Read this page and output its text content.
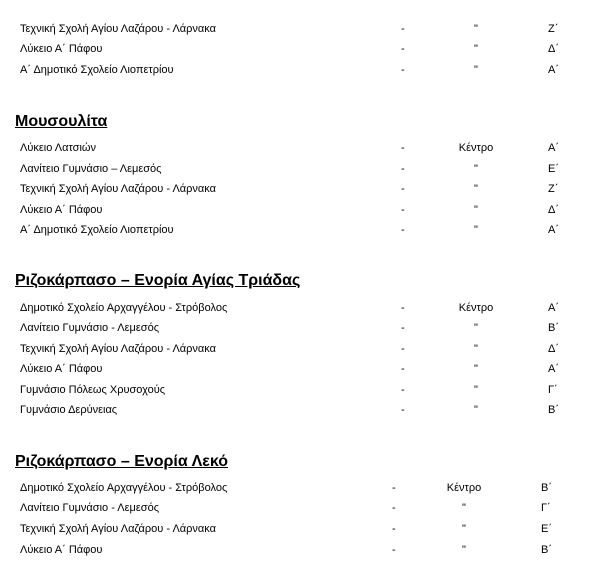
Τεχνική Σχολή Αγίου Λαζάρου - Λάρνακα	-	"	Ζ΄
Λύκειο Α΄ Πάφου	-	"	Δ΄
Α΄ Δημοτικό Σχολείο Λιοπετρίου	-	"	Α΄
Μουσουλίτα
Λύκειο Λατσιών	-	Κέντρο	Α΄
Λανίτειο Γυμνάσιο – Λεμεσός	-	"	Ε΄
Τεχνική Σχολή Αγίου Λαζάρου - Λάρνακα	-	"	Ζ΄
Λύκειο Α΄ Πάφου	-	"	Δ΄
Α΄ Δημοτικό Σχολείο Λιοπετρίου	-	"	Α΄
Ριζοκάρπασο – Ενορία Αγίας Τριάδας
Δημοτικό Σχολείο Αρχαγγέλου - Στρόβολος	-	Κέντρο	Α΄
Λανίτειο Γυμνάσιο - Λεμεσός	-	"	Β΄
Τεχνική Σχολή Αγίου Λαζάρου - Λάρνακα	-	"	Δ΄
Λύκειο Α΄ Πάφου	-	"	Α΄
Γυμνάσιο Πόλεως Χρυσοχούς	-	"	Γ΄
Γυμνάσιο Δερύνειας	-	"	Β΄
Ριζοκάρπασο – Ενορία Λεκό
Δημοτικό Σχολείο Αρχαγγέλου - Στρόβολος	-	Κέντρο	Β΄
Λανίτειο Γυμνάσιο - Λεμεσός	-	"	Γ΄
Τεχνική Σχολή Αγίου Λαζάρου - Λάρνακα	-	"	Ε΄
Λύκειο Α΄ Πάφου	-	"	Β΄
